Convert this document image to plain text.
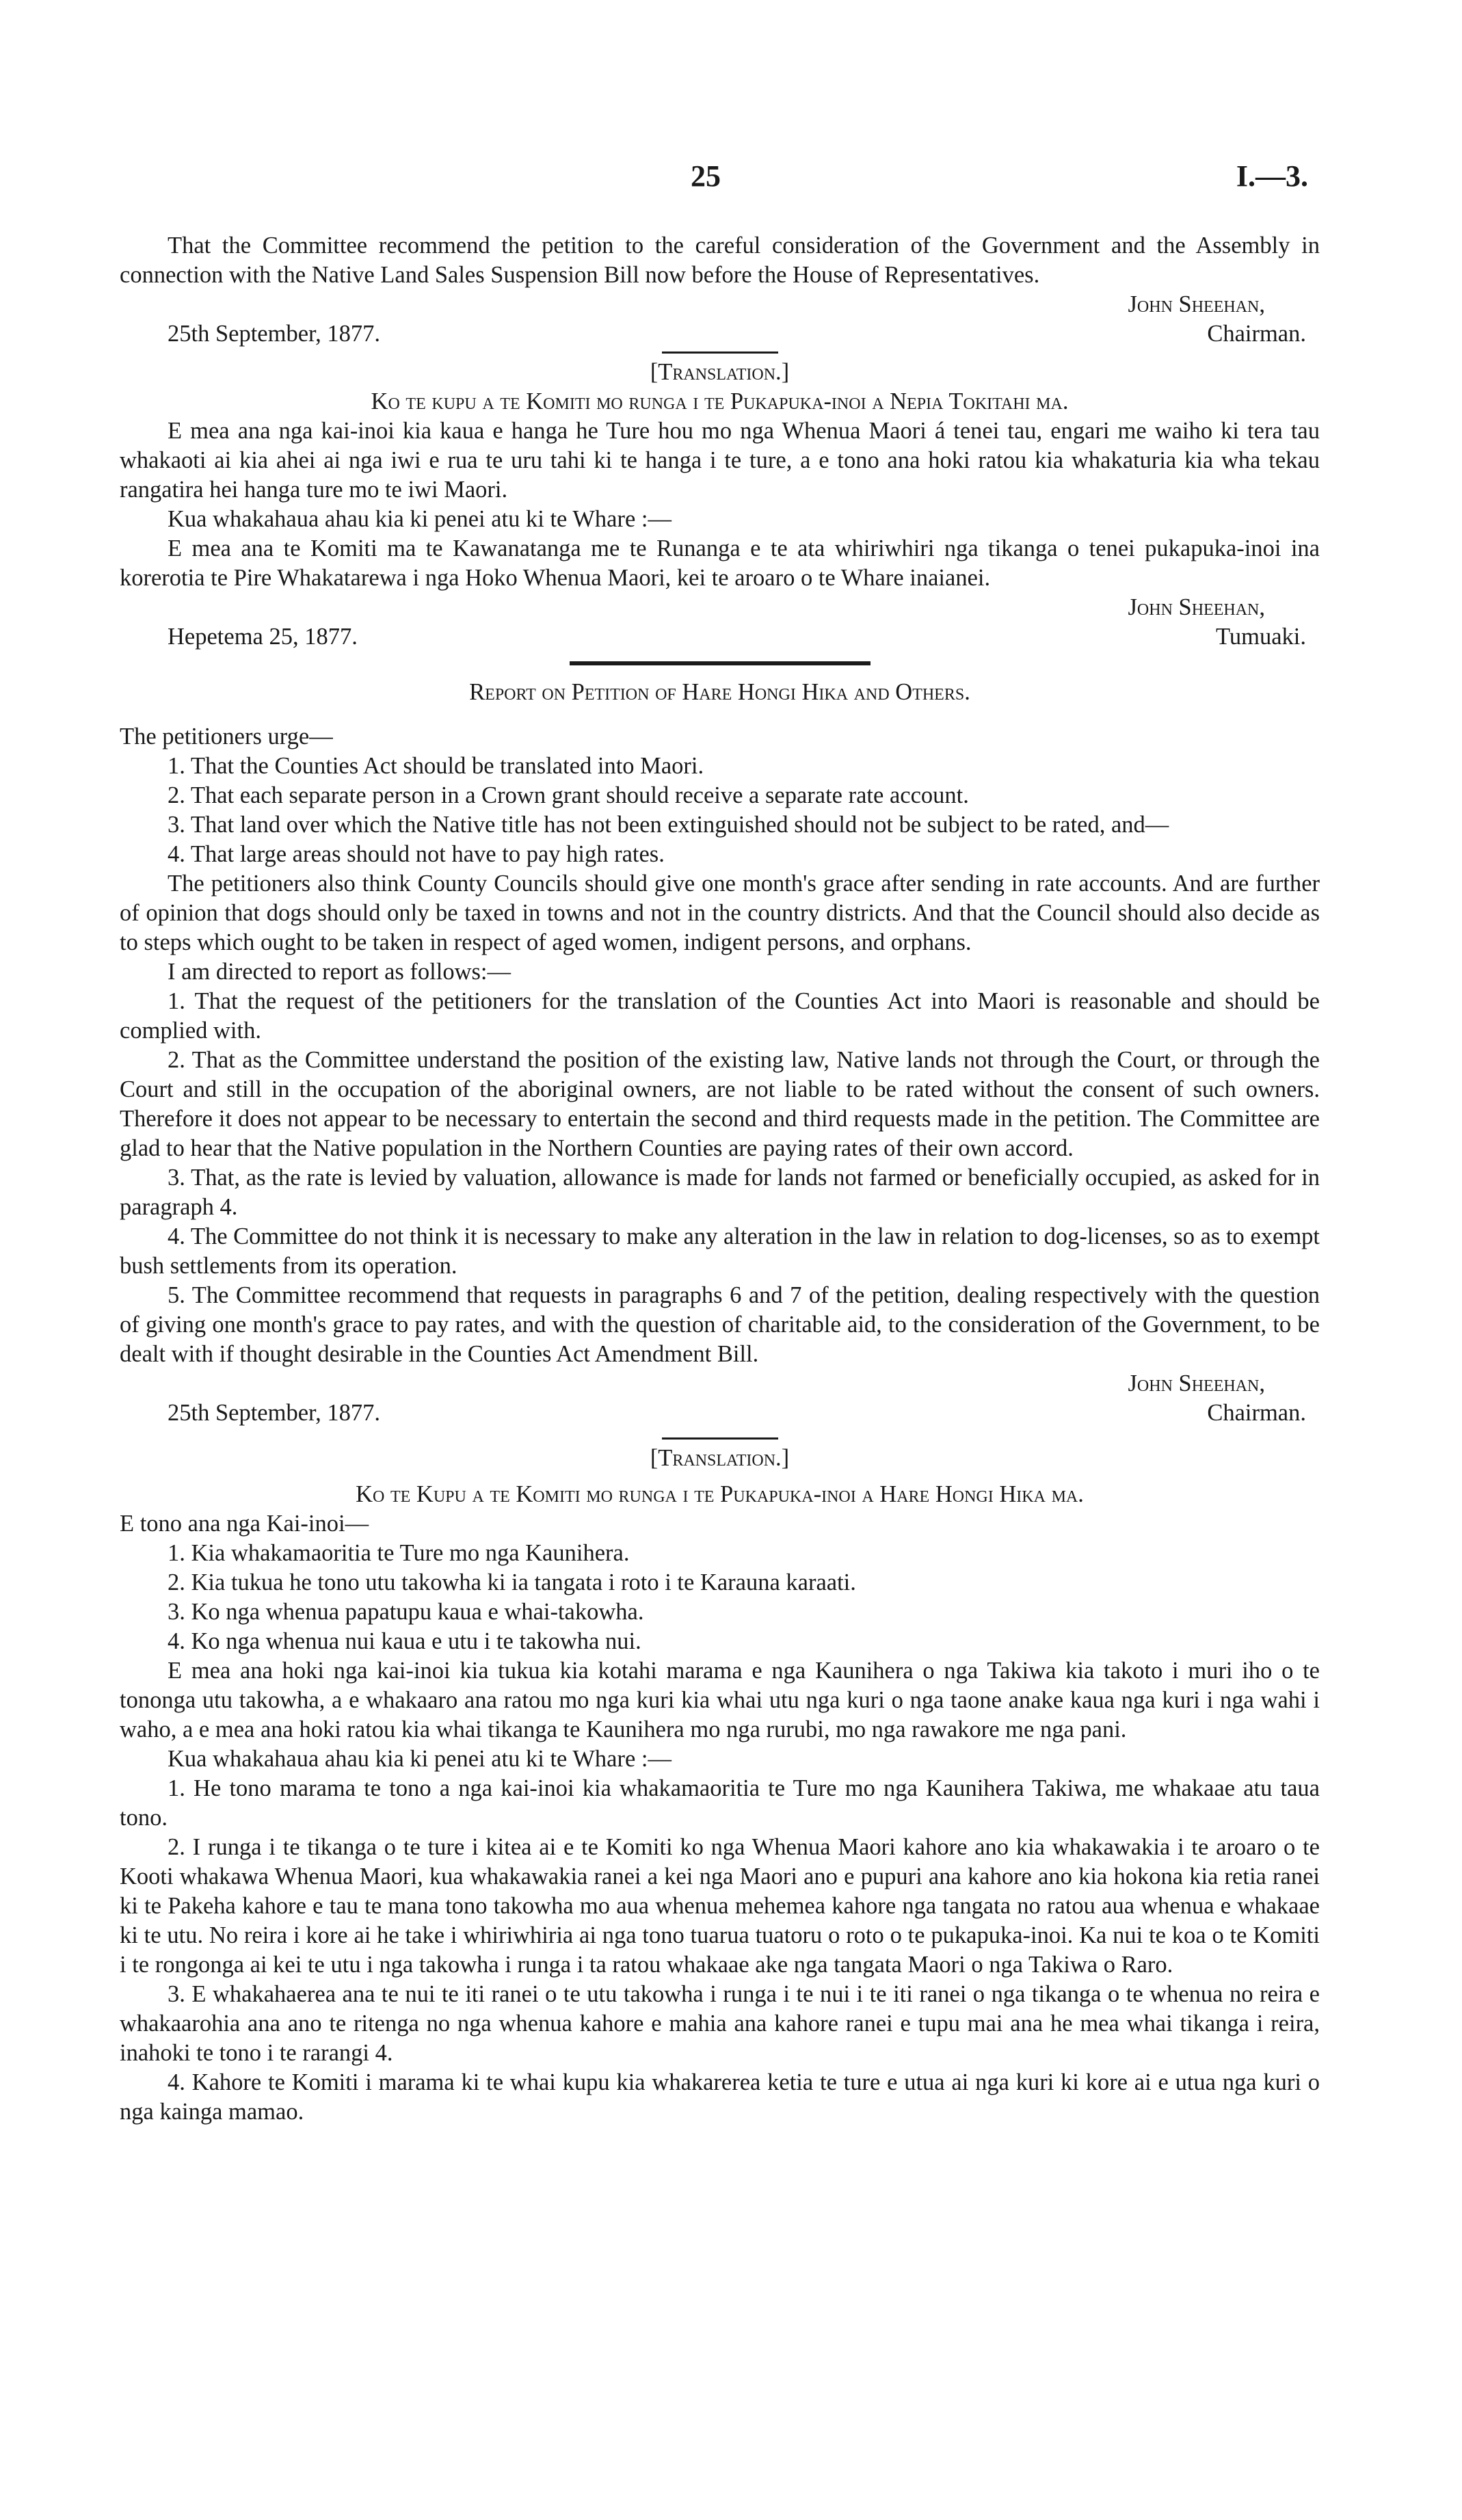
25	I.—3.

That the Committee recommend the petition to the careful consideration of the Government and the Assembly in connection with the Native Land Sales Suspension Bill now before the House of Representatives.

John Sheehan,

25th September, 1877.	Chairman.

[Translation.]

Ko te kupu a te Komiti mo runga i te Pukapuka-inoi a Nepia Tokitahi ma.

E mea ana nga kai-inoi kia kaua e hanga he Ture hou mo nga Whenua Maori á tenei tau, engari me waiho ki tera tau whakaoti ai kia ahei ai nga iwi e rua te uru tahi ki te hanga i te ture, a e tono ana hoki ratou kia whakaturia kia wha tekau rangatira hei hanga ture mo te iwi Maori.

Kua whakahaua ahau kia ki penei atu ki te Whare :—

E mea ana te Komiti ma te Kawanatanga me te Runanga e te ata whiriwhiri nga tikanga o tenei pukapuka-inoi ina korerotia te Pire Whakatarewa i nga Hoko Whenua Maori, kei te aroaro o te Whare inaianei.

John Sheehan,

Hepetema 25, 1877.	Tumuaki.

Report on Petition of Hare Hongi Hika and Others.

The petitioners urge—

1. That the Counties Act should be translated into Maori.

2. That each separate person in a Crown grant should receive a separate rate account.

3. That land over which the Native title has not been extinguished should not be subject to be rated, and—

4. That large areas should not have to pay high rates.

The petitioners also think County Councils should give one month's grace after sending in rate accounts. And are further of opinion that dogs should only be taxed in towns and not in the country districts. And that the Council should also decide as to steps which ought to be taken in respect of aged women, indigent persons, and orphans.

I am directed to report as follows:—

1. That the request of the petitioners for the translation of the Counties Act into Maori is reasonable and should be complied with.

2. That as the Committee understand the position of the existing law, Native lands not through the Court, or through the Court and still in the occupation of the aboriginal owners, are not liable to be rated without the consent of such owners. Therefore it does not appear to be necessary to entertain the second and third requests made in the petition. The Committee are glad to hear that the Native population in the Northern Counties are paying rates of their own accord.

3. That, as the rate is levied by valuation, allowance is made for lands not farmed or beneficially occupied, as asked for in paragraph 4.

4. The Committee do not think it is necessary to make any alteration in the law in relation to dog-licenses, so as to exempt bush settlements from its operation.

5. The Committee recommend that requests in paragraphs 6 and 7 of the petition, dealing respectively with the question of giving one month's grace to pay rates, and with the question of charitable aid, to the consideration of the Government, to be dealt with if thought desirable in the Counties Act Amendment Bill.

John Sheehan,

25th September, 1877.	Chairman.

[Translation.]

Ko te Kupu a te Komiti mo runga i te Pukapuka-inoi a Hare Hongi Hika ma.

E tono ana nga Kai-inoi—

1. Kia whakamaoritia te Ture mo nga Kaunihera.

2. Kia tukua he tono utu takowha ki ia tangata i roto i te Karauna karaati.

3. Ko nga whenua papatupu kaua e whai-takowha.

4. Ko nga whenua nui kaua e utu i te takowha nui.

E mea ana hoki nga kai-inoi kia tukua kia kotahi marama e nga Kaunihera o nga Takiwa kia takoto i muri iho o te tononga utu takowha, a e whakaaro ana ratou mo nga kuri kia whai utu nga kuri o nga taone anake kaua nga kuri i nga wahi i waho, a e mea ana hoki ratou kia whai tikanga te Kaunihera mo nga rurubi, mo nga rawakore me nga pani.

Kua whakahaua ahau kia ki penei atu ki te Whare :—

1. He tono marama te tono a nga kai-inoi kia whakamaoritia te Ture mo nga Kaunihera Takiwa, me whakaae atu taua tono.

2. I runga i te tikanga o te ture i kitea ai e te Komiti ko nga Whenua Maori kahore ano kia whakawakia i te aroaro o te Kooti whakawa Whenua Maori, kua whakawakia ranei a kei nga Maori ano e pupuri ana kahore ano kia hokona kia retia ranei ki te Pakeha kahore e tau te mana tono takowha mo aua whenua mehemea kahore nga tangata no ratou aua whenua e whakaae ki te utu. No reira i kore ai he take i whiriwhiria ai nga tono tuarua tuatoru o roto o te pukapuka-inoi. Ka nui te koa o te Komiti i te rongonga ai kei te utu i nga takowha i runga i ta ratou whakaae ake nga tangata Maori o nga Takiwa o Raro.

3. E whakahaerea ana te nui te iti ranei o te utu takowha i runga i te nui i te iti ranei o nga tikanga o te whenua no reira e whakaarohia ana ano te ritenga no nga whenua kahore e mahia ana kahore ranei e tupu mai ana he mea whai tikanga i reira, inahoki te tono i te rarangi 4.

4. Kahore te Komiti i marama ki te whai kupu kia whakarerea ketia te ture e utua ai nga kuri ki kore ai e utua nga kuri o nga kainga mamao.
